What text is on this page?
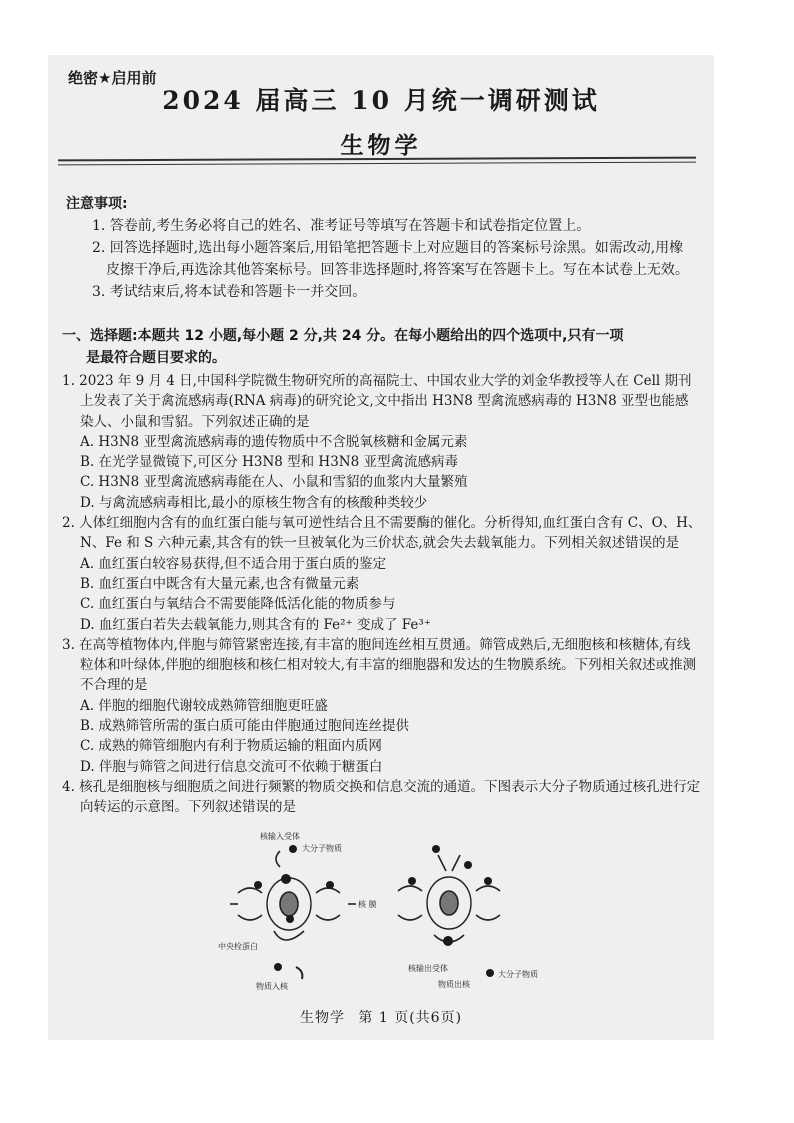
绝密★启用前
2024 届高三 10 月统一调研测试
生物学
注意事项:
1. 答卷前,考生务必将自己的姓名、准考证号等填写在答题卡和试卷指定位置上。
2. 回答选择题时,选出每小题答案后,用铅笔把答题卡上对应题目的答案标号涂黑。如需改动,用橡皮擦干净后,再选涂其他答案标号。回答非选择题时,将答案写在答题卡上。写在本试卷上无效。
3. 考试结束后,将本试卷和答题卡一并交回。
一、选择题:本题共 12 小题,每小题 2 分,共 24 分。在每小题给出的四个选项中,只有一项
是最符合题目要求的。
1. 2023 年 9 月 4 日,中国科学院微生物研究所的高福院士、中国农业大学的刘金华教授等人在 Cell 期刊上发表了关于禽流感病毒(RNA 病毒)的研究论文,文中指出 H3N8 型禽流感病毒的 H3N8 亚型也能感染人、小鼠和雪貂。下列叙述正确的是
A. H3N8 亚型禽流感病毒的遗传物质中不含脱氧核糖和金属元素
B. 在光学显微镜下,可区分 H3N8 型和 H3N8 亚型禽流感病毒
C. H3N8 亚型禽流感病毒能在人、小鼠和雪貂的血浆内大量繁殖
D. 与禽流感病毒相比,最小的原核生物含有的核酸种类较少
2. 人体红细胞内含有的血红蛋白能与氧可逆性结合且不需要酶的催化。分析得知,血红蛋白含有 C、O、H、N、Fe 和 S 六种元素,其含有的铁一旦被氧化为三价状态,就会失去载氧能力。下列相关叙述错误的是
A. 血红蛋白较容易获得,但不适合用于蛋白质的鉴定
B. 血红蛋白中既含有大量元素,也含有微量元素
C. 血红蛋白与氧结合不需要能降低活化能的物质参与
D. 血红蛋白若失去载氧能力,则其含有的 Fe²⁺ 变成了 Fe³⁺
3. 在高等植物体内,伴胞与筛管紧密连接,有丰富的胞间连丝相互贯通。筛管成熟后,无细胞核和核糖体,有线粒体和叶绿体,伴胞的细胞核和核仁相对较大,有丰富的细胞器和发达的生物膜系统。下列相关叙述或推测不合理的是
A. 伴胞的细胞代谢较成熟筛管细胞更旺盛
B. 成熟筛管所需的蛋白质可能由伴胞通过胞间连丝提供
C. 成熟的筛管细胞内有利于物质运输的粗面内质网
D. 伴胞与筛管之间进行信息交流可不依赖于糖蛋白
4. 核孔是细胞核与细胞质之间进行频繁的物质交换和信息交流的通道。下图表示大分子物质通过核孔进行定向转运的示意图。下列叙述错误的是
核输入受体
大分子物质
核 膜
中央栓蛋白
物质入核
核输出受体
大分子物质
物质出核
生物学 第 1 页(共6页)
